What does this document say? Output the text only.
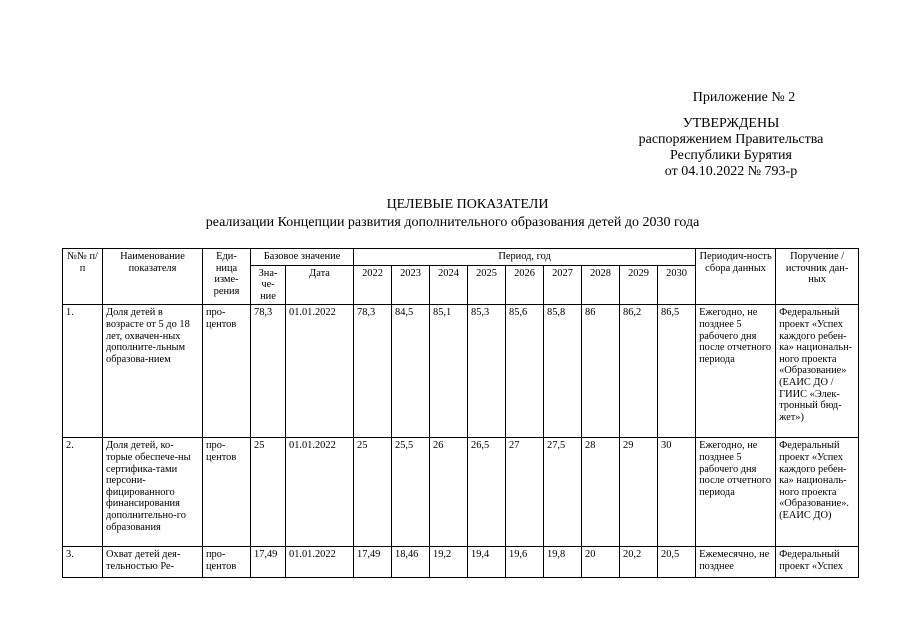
Приложение № 2
УТВЕРЖДЕНЫ
распоряжением Правительства
Республики Бурятия
от 04.10.2022 № 793-р
ЦЕЛЕВЫЕ ПОКАЗАТЕЛИ
реализации Концепции развития дополнительного образования детей до 2030 года
№№ п/п	Наименование показателя	Еди-ница изме-рения	Базовое значение		Период, год									Периодич-ность сбора данных	Поручение / источник дан-ных
			Зна-че-ние	Дата	2022	2023	2024	2025	2026	2027	2028	2029	2030		
1.	Доля детей в возрасте от 5 до 18 лет, охвачен-ных дополните-льным образова-нием	про-центов	78,3	01.01.2022	78,3	84,5	85,1	85,3	85,6	85,8	86	86,2	86,5	Ежегодно, не позднее 5 рабочего дня после отчетного периода	Федеральный проект «Успех каждого ребен-ка» национальн-ного проекта «Образование» (ЕАИС ДО / ГИИС «Элек-тронный бюд-жет»)
2.	Доля детей, ко-торые обеспече-ны сертифика-тами персони-фицированного финансирования дополнительно-го образования	про-центов	25	01.01.2022	25	25,5	26	26,5	27	27,5	28	29	30	Ежегодно, не позднее 5 рабочего дня после отчетного периода	Федеральный проект «Успех каждого ребен-ка» националь-ного проекта «Образование». (ЕАИС ДО)
3.	Охват детей дея-тельностью Ре-	про-центов	17,49	01.01.2022	17,49	18,46	19,2	19,4	19,6	19,8	20	20,2	20,5	Ежемесячно, не позднее	Федеральный проект «Успех
